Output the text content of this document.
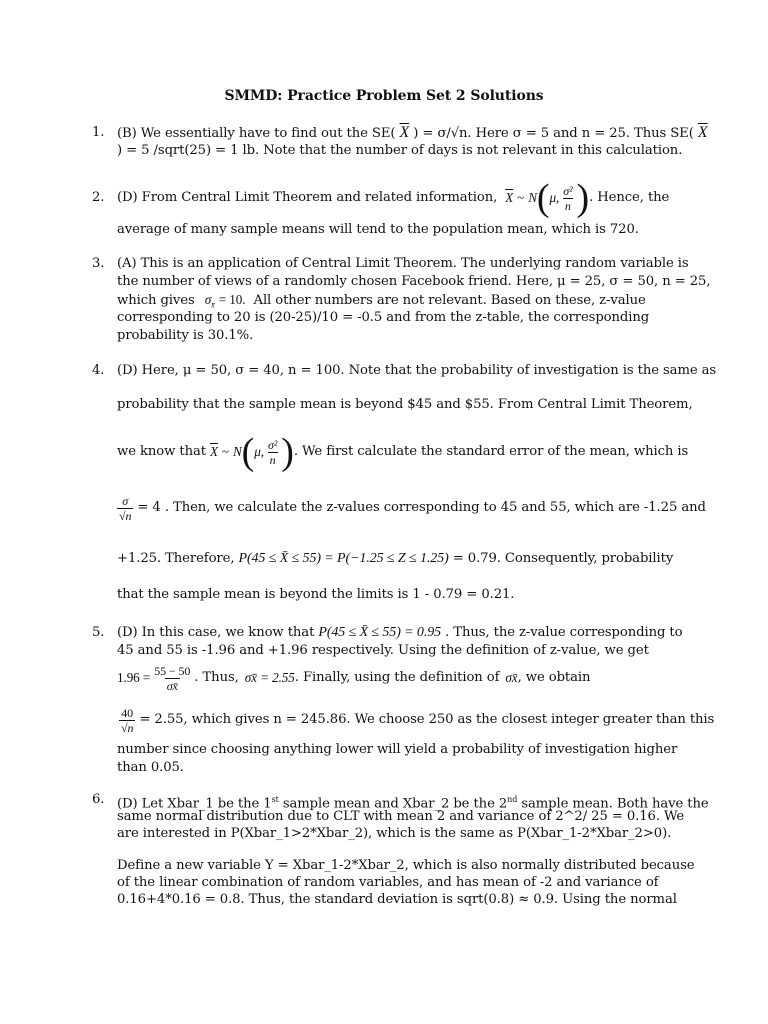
SMMD: Practice Problem Set 2 Solutions
1. (B) We essentially have to find out the SE( $\overline{X}$ ) = σ/√n. Here σ = 5 and n = 25. Thus SE( $\overline{X}$
) = 5 /sqrt(25) = 1 lb. Note that the number of days is not relevant in this calculation.
2. (D) From Central Limit Theorem and related information, $\overline{X}$ ~ N ( μ, $\frac{\text{σ²}}{n}$ ) . Hence, the
average of many sample means will tend to the population mean, which is 720.
3. (A) This is an application of Central Limit Theorem. The underlying random variable is
the number of views of a randomly chosen Facebook friend. Here, μ = 25, σ = 50, n = 25,
which gives $\sigma_{x̄} = 10$. All other numbers are not relevant. Based on these, z-value
corresponding to 20 is (20-25)/10 = -0.5 and from the z-table, the corresponding
probability is 30.1%.
4. (D) Here, μ = 50, σ = 40, n = 100. Note that the probability of investigation is the same as
probability that the sample mean is beyond $45 and $55. From Central Limit Theorem,
we know that $\overline{X}$ ~ N ( μ, $\frac{\text{σ²}}{n}$ ) . We first calculate the standard error of the mean, which is
$\frac{\sigma}{√n} = 4$ . Then, we calculate the z-values corresponding to 45 and 55, which are -1.25 and
+1.25. Therefore, P(45 ≤ X̄ ≤ 55) = P(−1.25 ≤ Z ≤ 1.25) = 0.79. Consequently, probability
that the sample mean is beyond the limits is 1 - 0.79 = 0.21.
5. (D) In this case, we know that P(45 ≤ X̄ ≤ 55) = 0.95 . Thus, the z-value corresponding to
45 and 55 is -1.96 and +1.96 respectively. Using the definition of z-value, we get
$1.96 = \frac{55 - 50}{\sigma x̄}$ . Thus, σx̄ = 2.55 . Finally, using the definition of σx̄ , we obtain
$\frac{40}{√n} = 2.55$, which gives n = 245.86. We choose 250 as the closest integer greater than this
number since choosing anything lower will yield a probability of investigation higher
than 0.05.
6. (D) Let Xbar_1 be the 1st sample mean and Xbar_2 be the 2nd sample mean. Both have the
same normal distribution due to CLT with mean 2 and variance of 2^2/ 25 = 0.16. We
are interested in P(Xbar_1>2*Xbar_2), which is the same as P(Xbar_1-2*Xbar_2>0).
Define a new variable Y = Xbar_1-2*Xbar_2, which is also normally distributed because
of the linear combination of random variables, and has mean of -2 and variance of
0.16+4*0.16 = 0.8. Thus, the standard deviation is sqrt(0.8) ≈ 0.9. Using the normal
